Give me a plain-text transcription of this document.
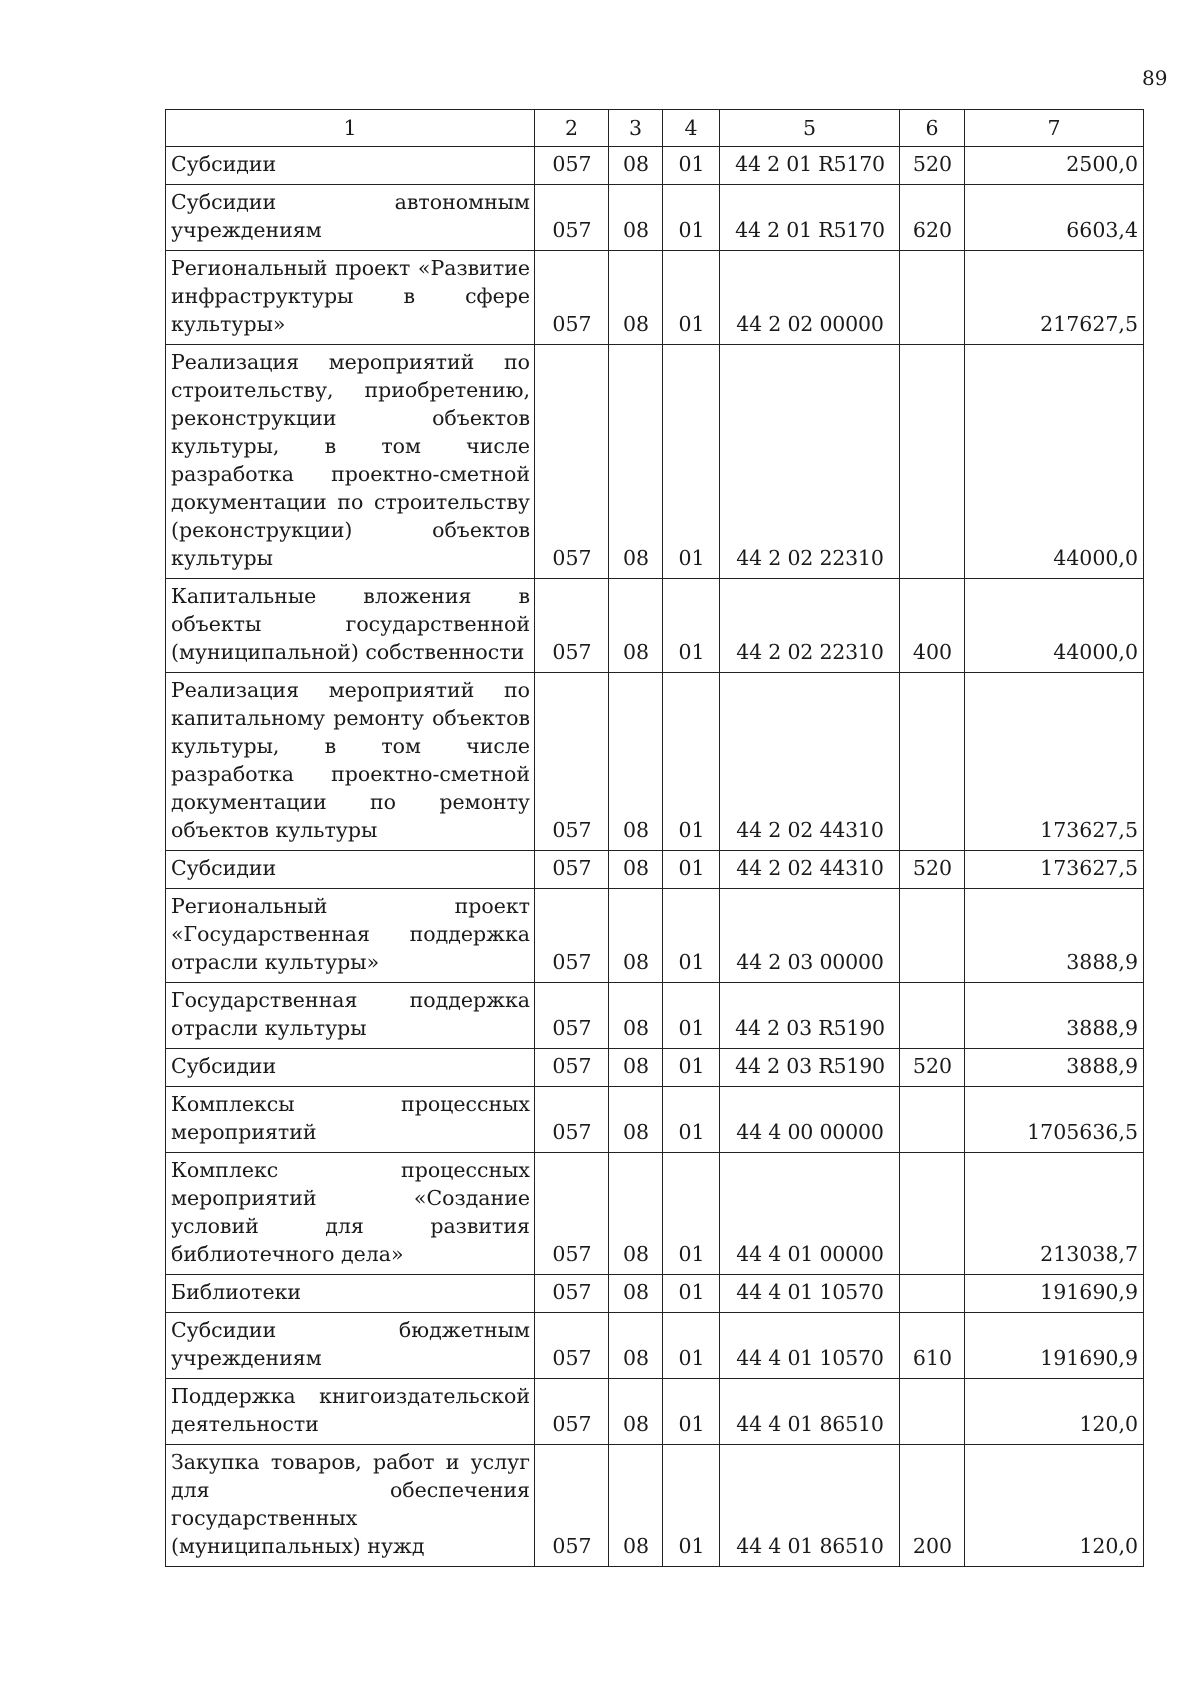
89
1	2	3	4	5	6	7
Субсидии	057	08	01	44 2 01 R5170	520	2500,0
Субсидии автономным учреждениям	057	08	01	44 2 01 R5170	620	6603,4
Региональный проект «Развитие инфраструктуры в сфере культуры»	057	08	01	44 2 02 00000		217627,5
Реализация мероприятий по строительству, приобретению, реконструкции объектов культуры, в том числе разработка проектно-сметной документации по строительству (реконструкции) объектов культуры	057	08	01	44 2 02 22310		44000,0
Капитальные вложения в объекты государственной (муниципальной) собственности	057	08	01	44 2 02 22310	400	44000,0
Реализация мероприятий по капитальному ремонту объектов культуры, в том числе разработка проектно-сметной документации по ремонту объектов культуры	057	08	01	44 2 02 44310		173627,5
Субсидии	057	08	01	44 2 02 44310	520	173627,5
Региональный проект «Государственная поддержка отрасли культуры»	057	08	01	44 2 03 00000		3888,9
Государственная поддержка отрасли культуры	057	08	01	44 2 03 R5190		3888,9
Субсидии	057	08	01	44 2 03 R5190	520	3888,9
Комплексы процессных мероприятий	057	08	01	44 4 00 00000		1705636,5
Комплекс процессных мероприятий «Создание условий для развития библиотечного дела»	057	08	01	44 4 01 00000		213038,7
Библиотеки	057	08	01	44 4 01 10570		191690,9
Субсидии бюджетным учреждениям	057	08	01	44 4 01 10570	610	191690,9
Поддержка книгоиздательской деятельности	057	08	01	44 4 01 86510		120,0
Закупка товаров, работ и услуг для обеспечения государственных (муниципальных) нужд	057	08	01	44 4 01 86510	200	120,0
